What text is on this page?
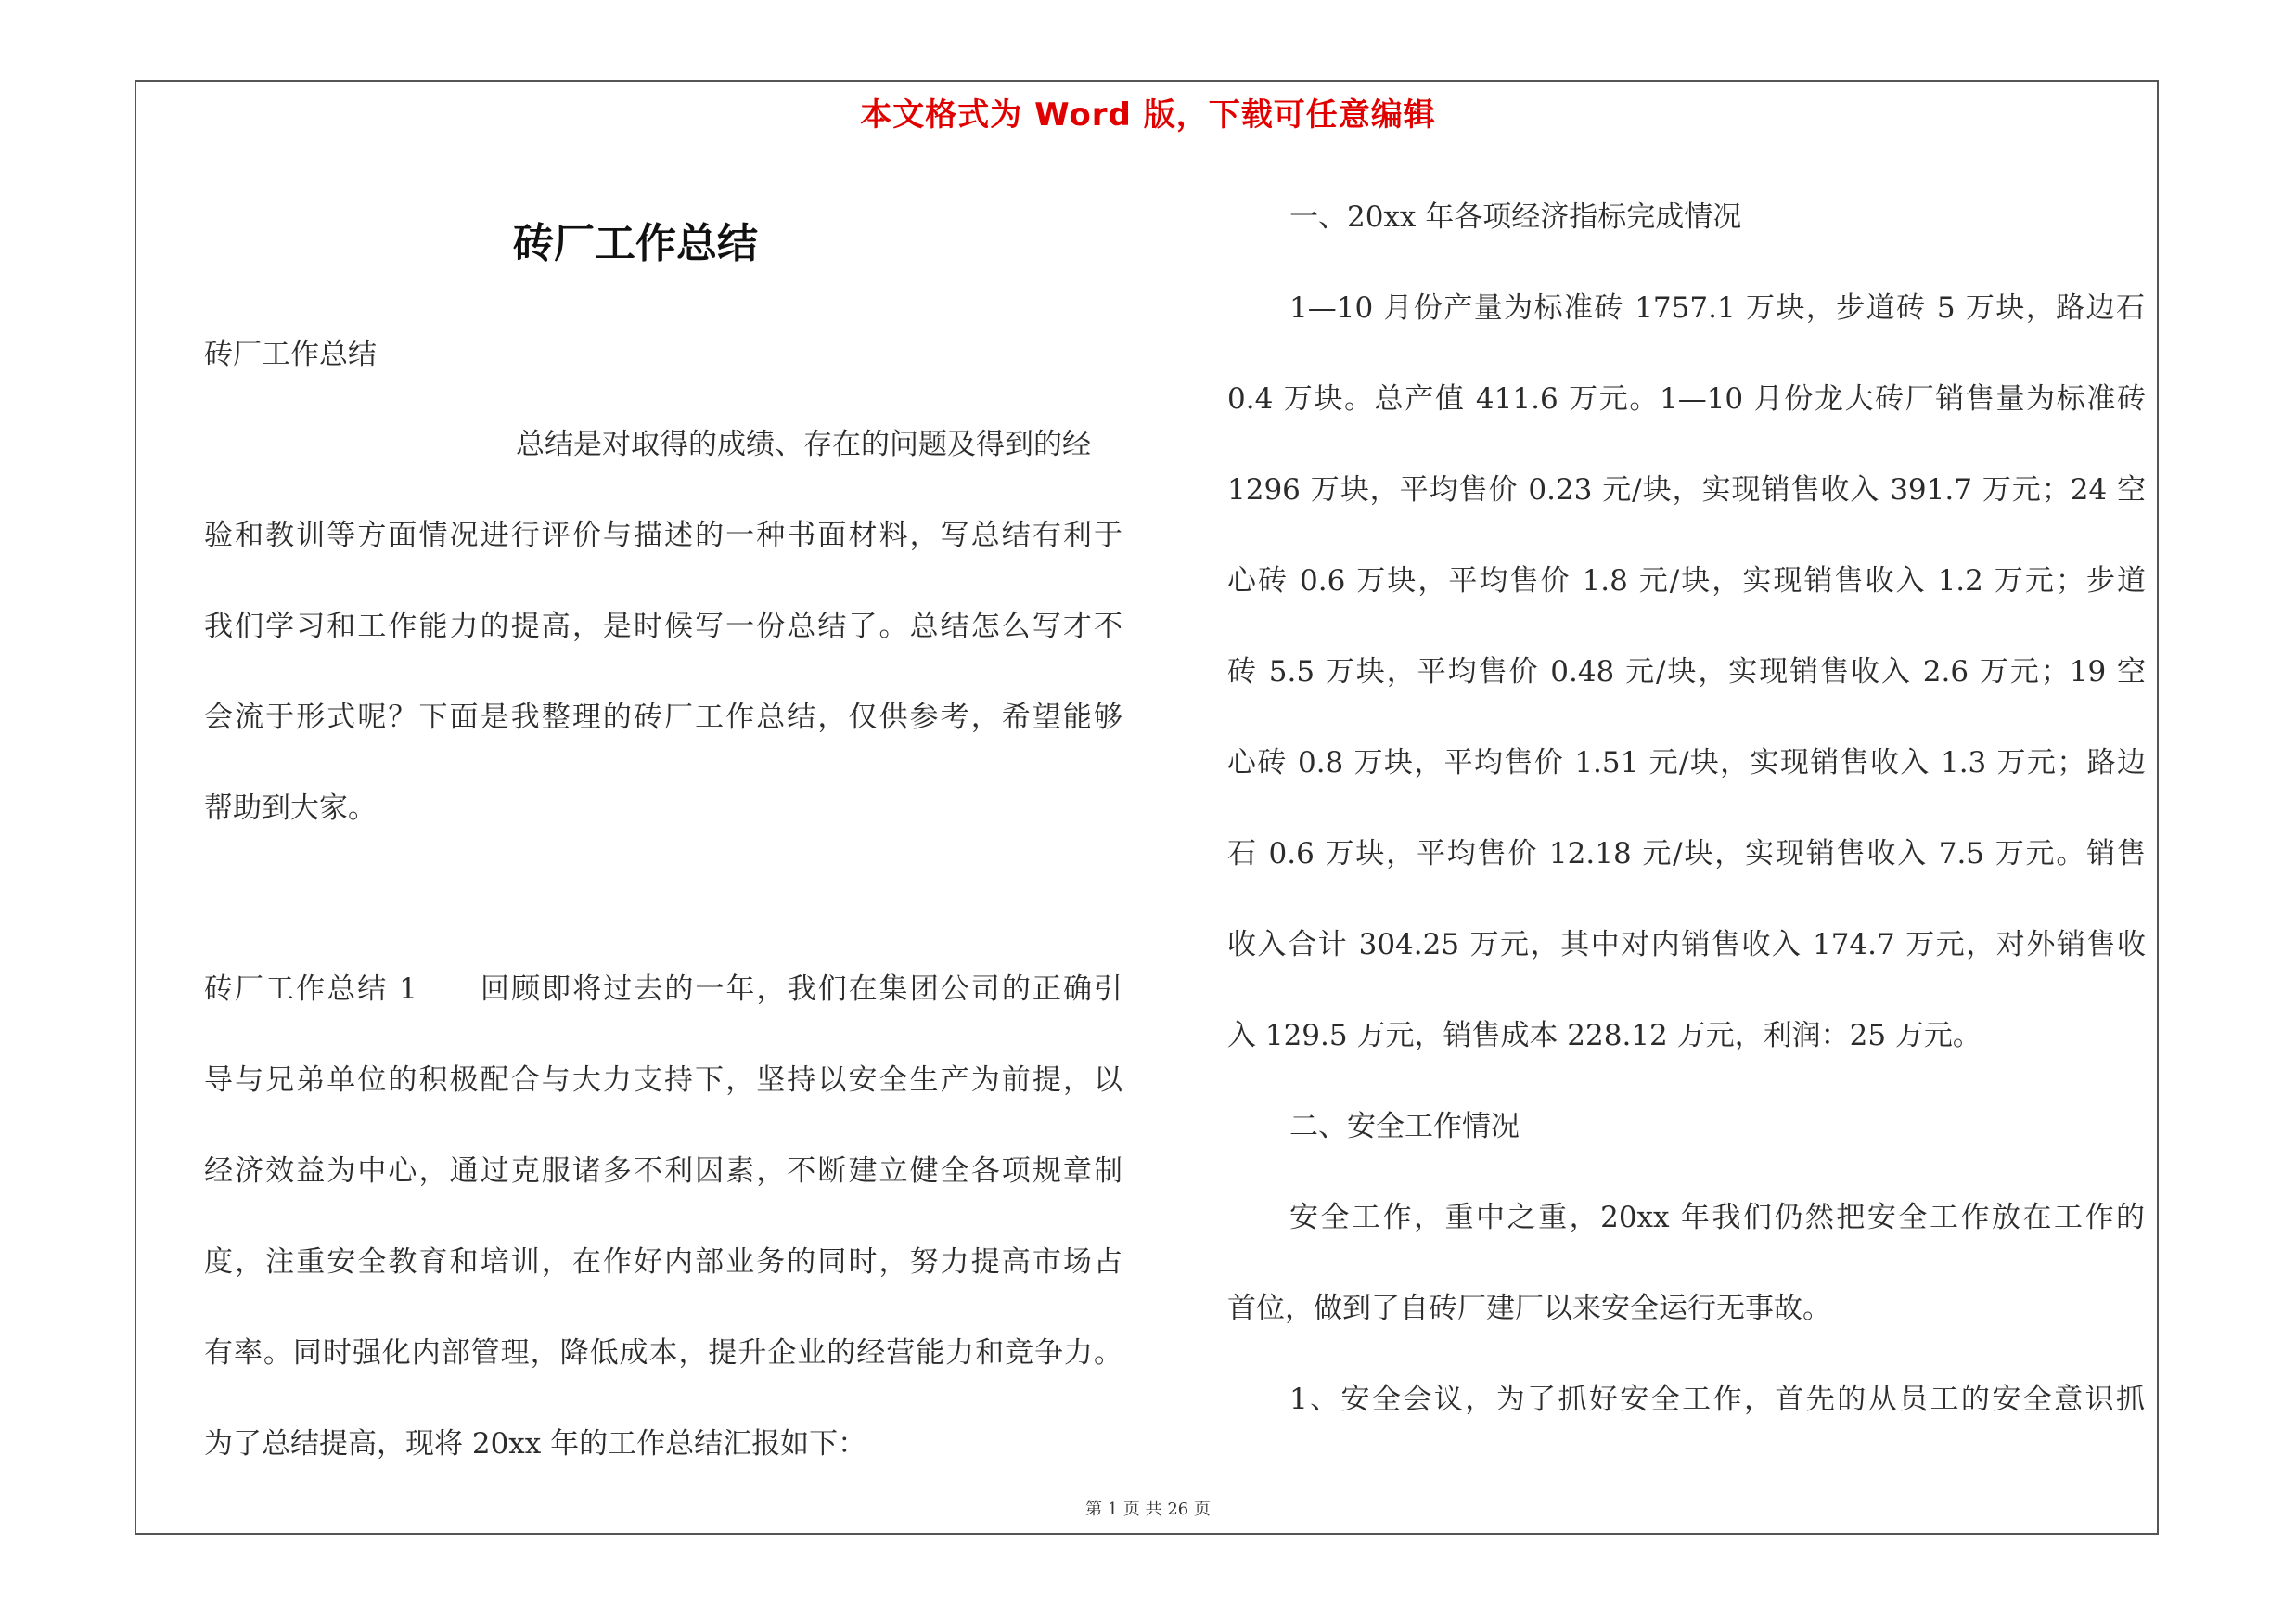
本文格式为 Word 版，下载可任意编辑
砖厂工作总结
砖厂工作总结
总结是对取得的成绩、存在的问题及得到的经
验和教训等方面情况进行评价与描述的一种书面材料，写总结有利于
我们学习和工作能力的提高，是时候写一份总结了。总结怎么写才不
会流于形式呢？下面是我整理的砖厂工作总结，仅供参考，希望能够
帮助到大家。
砖厂工作总结 1　　回顾即将过去的一年，我们在集团公司的正确引
导与兄弟单位的积极配合与大力支持下，坚持以安全生产为前提，以
经济效益为中心，通过克服诸多不利因素，不断建立健全各项规章制
度，注重安全教育和培训，在作好内部业务的同时，努力提高市场占
有率。同时强化内部管理，降低成本，提升企业的经营能力和竞争力。
为了总结提高，现将 20xx 年的工作总结汇报如下：
一、20xx 年各项经济指标完成情况
1—10 月份产量为标准砖 1757.1 万块，步道砖 5 万块，路边石
0.4 万块。总产值 411.6 万元。1—10 月份龙大砖厂销售量为标准砖
1296 万块，平均售价 0.23 元/块，实现销售收入 391.7 万元；24 空
心砖 0.6 万块，平均售价 1.8 元/块，实现销售收入 1.2 万元；步道
砖 5.5 万块，平均售价 0.48 元/块，实现销售收入 2.6 万元；19 空
心砖 0.8 万块，平均售价 1.51 元/块，实现销售收入 1.3 万元；路边
石 0.6 万块，平均售价 12.18 元/块，实现销售收入 7.5 万元。销售
收入合计 304.25 万元，其中对内销售收入 174.7 万元，对外销售收
入 129.5 万元，销售成本 228.12 万元，利润：25 万元。
二、安全工作情况
安全工作，重中之重，20xx 年我们仍然把安全工作放在工作的
首位，做到了自砖厂建厂以来安全运行无事故。
1、安全会议，为了抓好安全工作，首先的从员工的安全意识抓
第 1 页 共 26 页
